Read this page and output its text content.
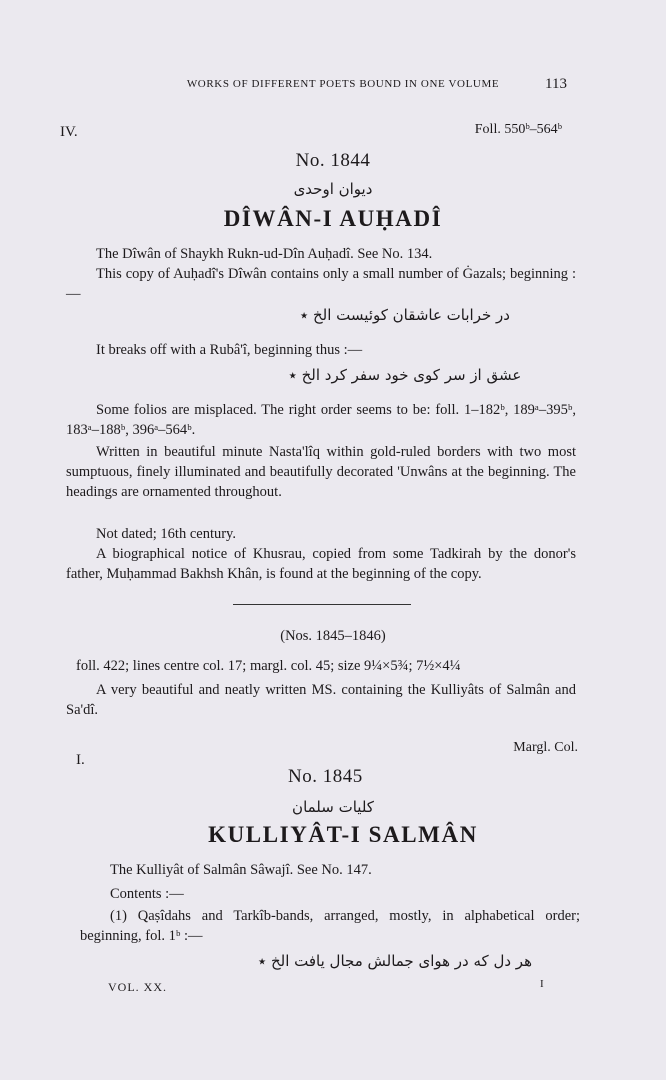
WORKS OF DIFFERENT POETS BOUND IN ONE VOLUME	113
IV.	Foll. 550ᵇ–564ᵇ
No. 1844
ديوان اوحدی
DÎWÂN-I AUḤADÎ

The Dîwân of Shaykh Rukn-ud-Dîn Auḥadî. See No. 134.

This copy of Auḥadî's Dîwân contains only a small number of Ġazals; beginning :—

در خرابات عاشقان کوئیست الخ ٭

It breaks off with a Rubâ'î, beginning thus :—

عشق از سر کوی خود سفر کرد الخ ٭

Some folios are misplaced. The right order seems to be: foll. 1–182ᵇ, 189ᵃ–395ᵇ, 183ᵃ–188ᵇ, 396ᵃ–564ᵇ.

Written in beautiful minute Nasta'lîq within gold-ruled borders with two most sumptuous, finely illuminated and beautifully decorated 'Unwâns at the beginning. The headings are ornamented throughout.

Not dated; 16th century.

A biographical notice of Khusrau, copied from some Tadkirah by the donor's father, Muḥammad Bakhsh Khân, is found at the beginning of the copy.

(Nos. 1845–1846)

foll. 422; lines centre col. 17; margl. col. 45; size 9¼×5¾; 7½×4¼

A very beautiful and neatly written MS. containing the Kulliyâts of Salmân and Sa'dî.

I.
Margl. Col.
No. 1845
کلیات سلمان
KULLIYÂT-I SALMÂN

The Kulliyât of Salmân Sâwajî. See No. 147.

Contents :—

(1) Qaṣîdahs and Tarkîb-bands, arranged, mostly, in alphabetical order; beginning, fol. 1ᵇ :—

هر دل که در هوای جمالش مجال یافت الخ ٭
VOL. XX.	I
